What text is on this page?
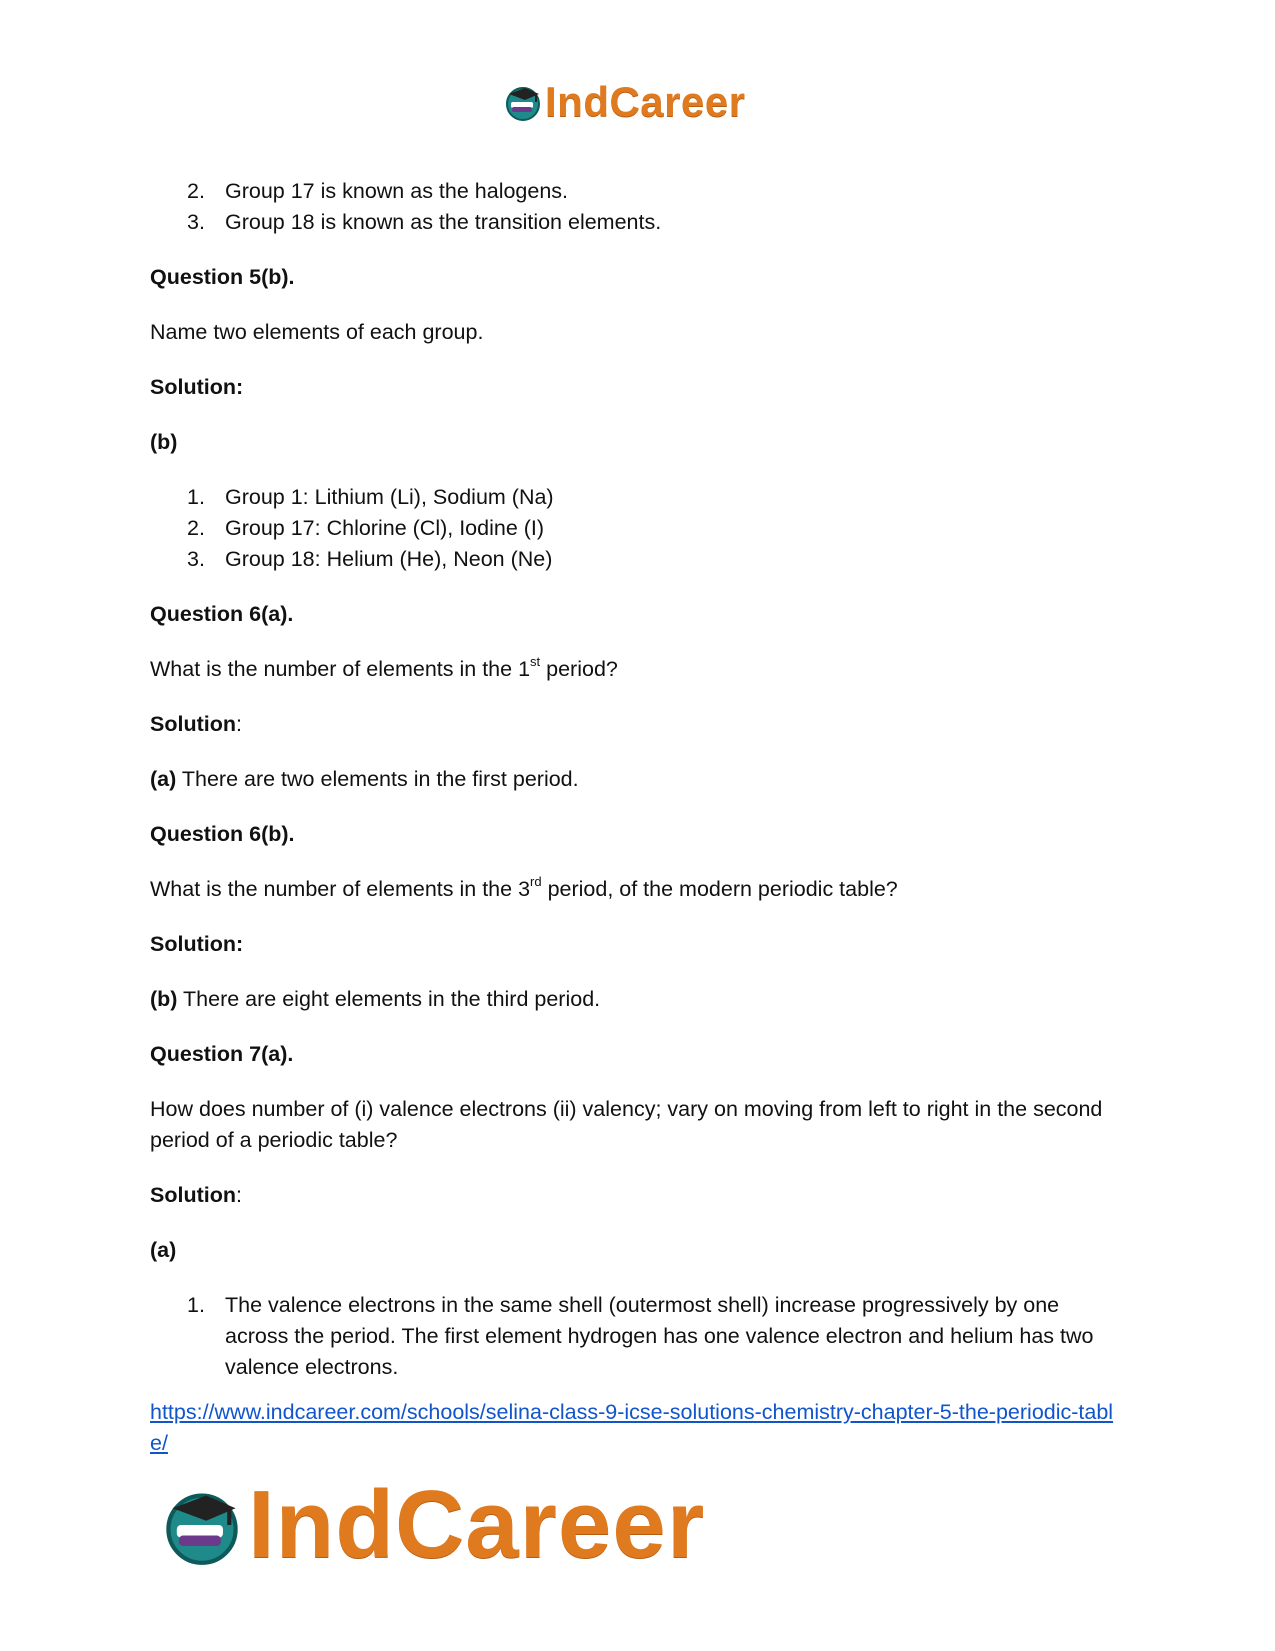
IndCareer
2. Group 17 is known as the halogens.
3. Group 18 is known as the transition elements.

Question 5(b).

Name two elements of each group.

Solution:

(b)

1. Group 1: Lithium (Li), Sodium (Na)
2. Group 17: Chlorine (Cl), Iodine (I)
3. Group 18: Helium (He), Neon (Ne)

Question 6(a).

What is the number of elements in the 1st period?

Solution:

(a) There are two elements in the first period.

Question 6(b).

What is the number of elements in the 3rd period, of the modern periodic table?

Solution:

(b) There are eight elements in the third period.

Question 7(a).

How does number of (i) valence electrons (ii) valency; vary on moving from left to right in the second period of a periodic table?

Solution:

(a)

1. The valence electrons in the same shell (outermost shell) increase progressively by one across the period. The first element hydrogen has one valence electron and helium has two valence electrons.
https://www.indcareer.com/schools/selina-class-9-icse-solutions-chemistry-chapter-5-the-periodic-table/
IndCareer
